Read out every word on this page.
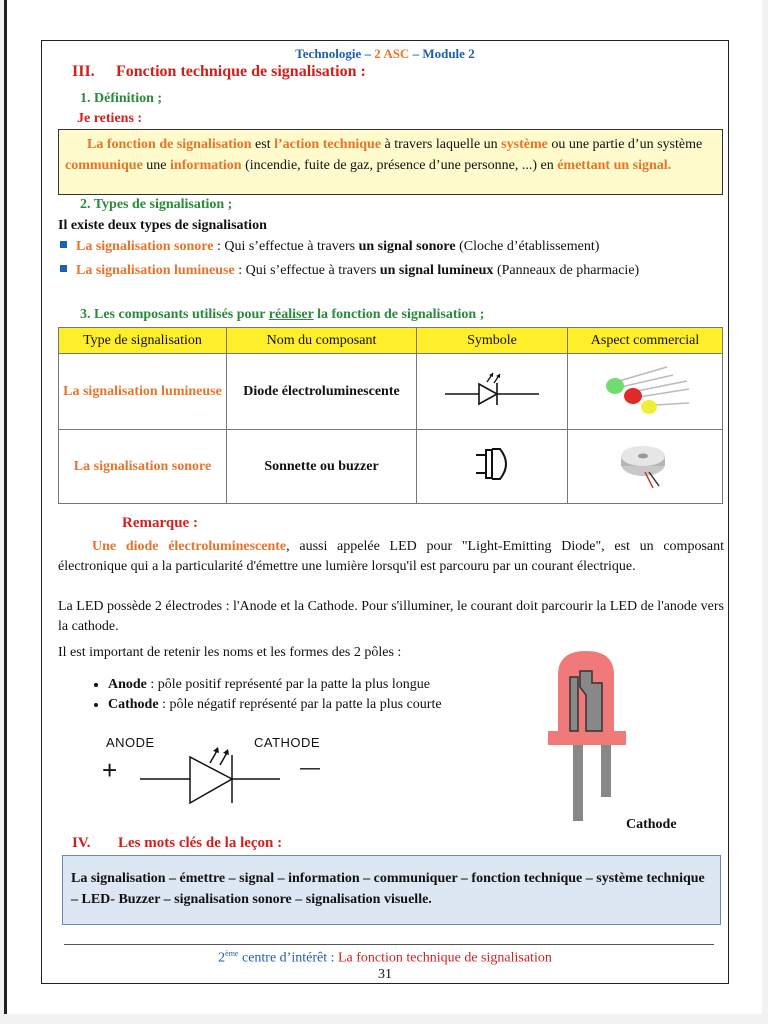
Technologie – 2 ASC – Module 2
III. Fonction technique de signalisation :
1. Définition ;
Je retiens :
La fonction de signalisation est l’action technique à travers laquelle un système ou une partie d’un système communique une information (incendie, fuite de gaz, présence d’une personne, ...) en émettant un signal.
2. Types de signalisation ;
Il existe deux types de signalisation
La signalisation sonore : Qui s’effectue à travers un signal sonore (Cloche d’établissement)
La signalisation lumineuse : Qui s’effectue à travers un signal lumineux (Panneaux de pharmacie)
3. Les composants utilisés pour réaliser la fonction de signalisation ;
Type de signalisation	Nom du composant	Symbole	Aspect commercial
La signalisation lumineuse	Diode électroluminescente		
La signalisation sonore	Sonnette ou buzzer		
Remarque :
Une diode électroluminescente, aussi appelée LED pour "Light-Emitting Diode", est un composant électronique qui a la particularité d'émettre une lumière lorsqu'il est parcouru par un courant électrique.
La LED possède 2 électrodes : l'Anode et la Cathode. Pour s'illuminer, le courant doit parcourir la LED de l'anode vers la cathode.
Il est important de retenir les noms et les formes des 2 pôles :
• Anode : pôle positif représenté par la patte la plus longue
• Cathode : pôle négatif représenté par la patte la plus courte
ANODE	CATHODE
+	—
Cathode
IV. Les mots clés de la leçon :
La signalisation – émettre – signal – information – communiquer – fonction technique – système technique – LED- Buzzer – signalisation sonore – signalisation visuelle.
2ème centre d’intérêt : La fonction technique de signalisation
31
